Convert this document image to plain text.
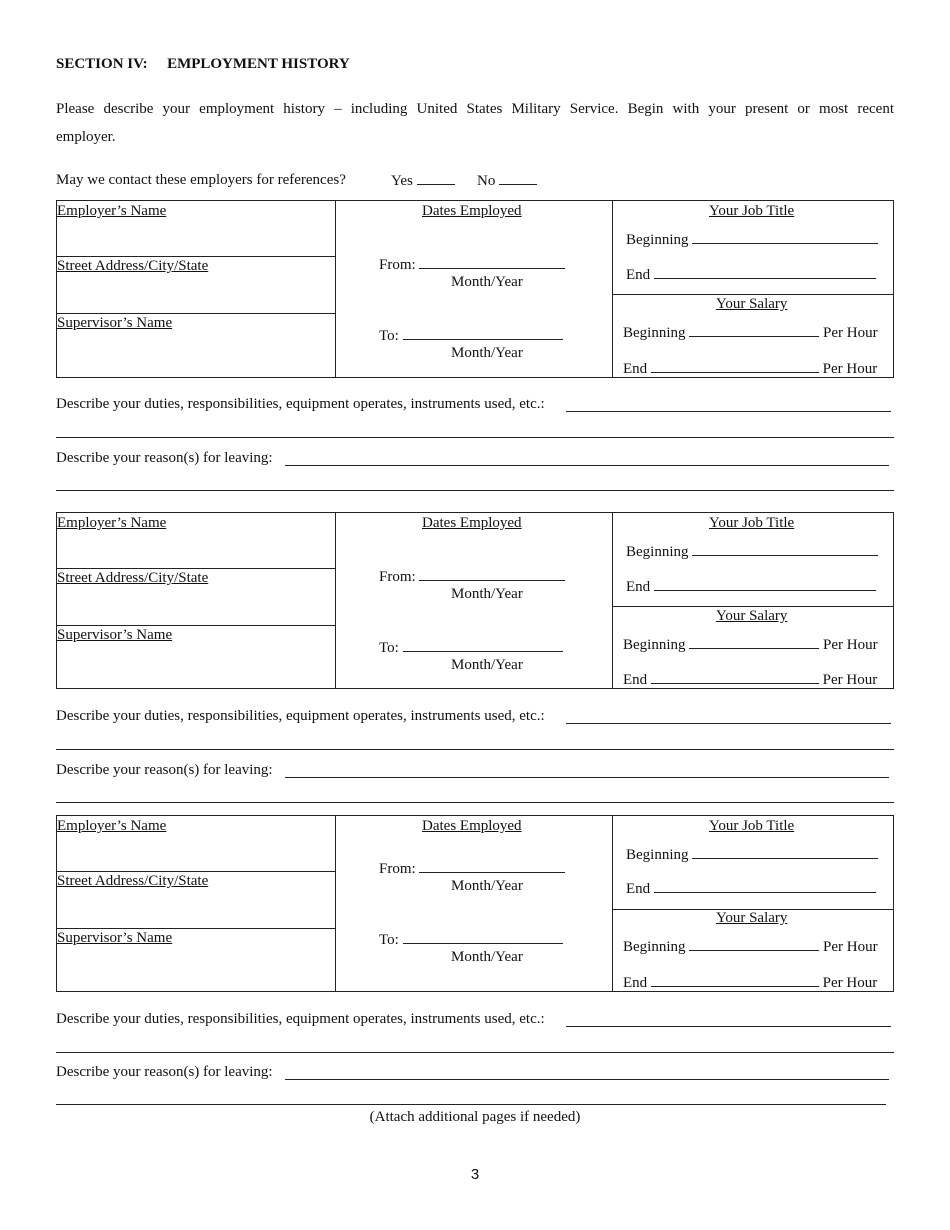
SECTION IV: EMPLOYMENT HISTORY
Please describe your employment history – including United States Military Service. Begin with your present or most recent
employer.
May we contact these employers for references?	Yes	No
Employer’s Name
Street Address/City/State
Supervisor’s Name
Dates Employed
From:
Month/Year
To:
Month/Year
Your Job Title
Beginning
End
Your Salary
Beginning	Per Hour
End	Per Hour
Describe your duties, responsibilities, equipment operates, instruments used, etc.:
Describe your reason(s) for leaving:
Employer’s Name
Street Address/City/State
Supervisor’s Name
Dates Employed
From:
Month/Year
To:
Month/Year
Your Job Title
Beginning
End
Your Salary
Beginning	Per Hour
End	Per Hour
Describe your duties, responsibilities, equipment operates, instruments used, etc.:
Describe your reason(s) for leaving:
Employer’s Name
Street Address/City/State
Supervisor’s Name
Dates Employed
From:
Month/Year
To:
Month/Year
Your Job Title
Beginning
End
Your Salary
Beginning	Per Hour
End	Per Hour
Describe your duties, responsibilities, equipment operates, instruments used, etc.:
Describe your reason(s) for leaving:
(Attach additional pages if needed)
3
